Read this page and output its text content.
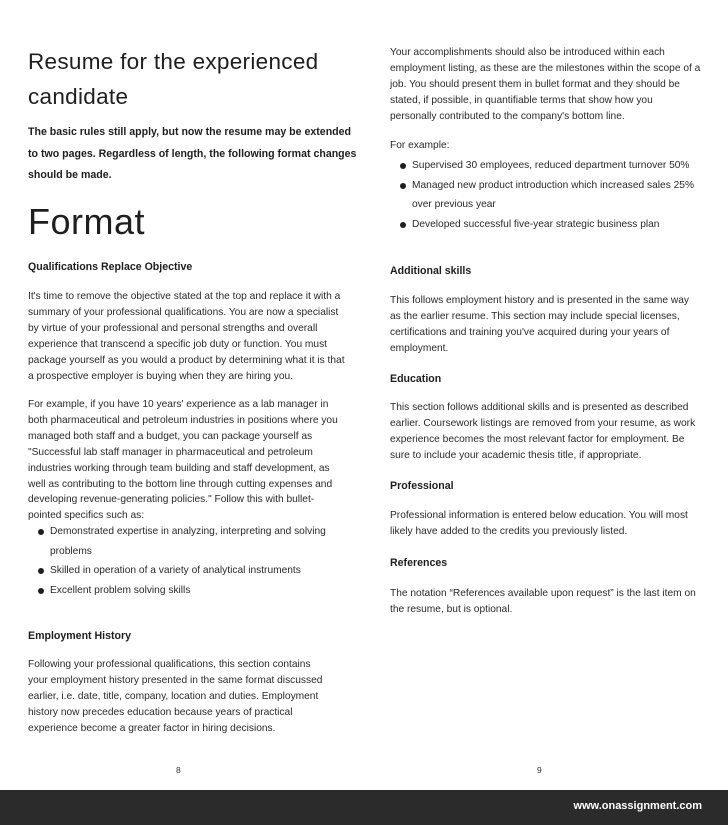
Resume for the experienced
candidate

The basic rules still apply, but now the resume may be extended to two pages. Regardless of length, the following format changes should be made.

Format
Qualifications Replace Objective

It's time to remove the objective stated at the top and replace it with a summary of your professional qualifications. You are now a specialist by virtue of your professional and personal strengths and overall experience that transcend a specific job duty or function. You must package yourself as you would a product by determining what it is that a prospective employer is buying when they are hiring you.

For example, if you have 10 years' experience as a lab manager in both pharmaceutical and petroleum industries in positions where you managed both staff and a budget, you can package yourself as "Successful lab staff manager in pharmaceutical and petroleum industries working through team building and staff development, as well as contributing to the bottom line through cutting expenses and developing revenue-generating policies." Follow this with bullet-pointed specifics such as:

Demonstrated expertise in analyzing, interpreting and solving problems
Skilled in operation of a variety of analytical instruments
Excellent problem solving skills
Employment History

Following your professional qualifications, this section contains your employment history presented in the same format discussed earlier, i.e. date, title, company, location and duties. Employment history now precedes education because years of practical experience become a greater factor in hiring decisions.

8

Your accomplishments should also be introduced within each employment listing, as these are the milestones within the scope of a job. You should present them in bullet format and they should be stated, if possible, in quantifiable terms that show how you personally contributed to the company's bottom line.

For example:

Supervised 30 employees, reduced department turnover 50%
Managed new product introduction which increased sales 25% over previous year
Developed successful five-year strategic business plan
Additional skills

This follows employment history and is presented in the same way as the earlier resume. This section may include special licenses, certifications and training you've acquired during your years of employment.

Education

This section follows additional skills and is presented as described earlier. Coursework listings are removed from your resume, as work experience becomes the most relevant factor for employment. Be sure to include your academic thesis title, if appropriate.

Professional

Professional information is entered below education. You will most likely have added to the credits you previously listed.

References

The notation “References available upon request” is the last item on the resume, but is optional.

9
www.onassignment.com
